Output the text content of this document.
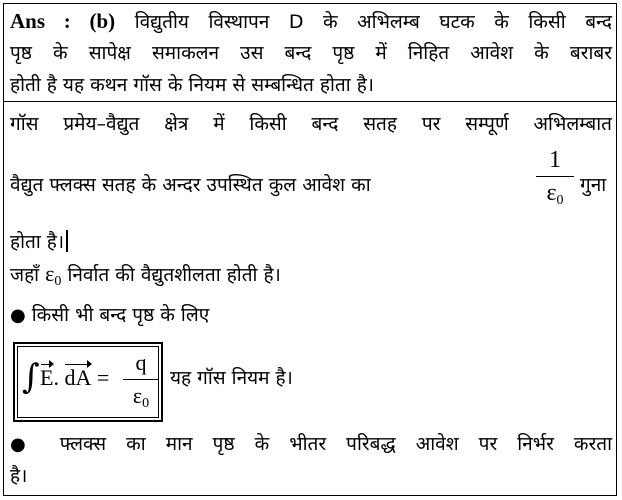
Ans : (b) विद्युतीय विस्थापन D के अभिलम्ब घटक के किसी बन्द
पृष्ठ के सापेक्ष समाकलन उस बन्द पृष्ठ में निहित आवेश के बराबर
होती है यह कथन गॉस के नियम से सम्बन्धित होता है।
गॉस प्रमेय–वैद्युत क्षेत्र में किसी बन्द सतह पर सम्पूर्ण अभिलम्बात
वैद्युत फ्लक्स सतह के अन्दर उपस्थित कुल आवेश का
1
$\varepsilon_0$
गुना
होता है।
जहाँ $\varepsilon_0$ निर्वात की वैद्युतशीलता होती है।
● किसी भी बन्द पृष्ठ के लिए
∫ E. dA =
q
$\varepsilon_0$
यह गॉस नियम है।
● फ्लक्स का मान पृष्ठ के भीतर परिबद्ध आवेश पर निर्भर करता
है।
